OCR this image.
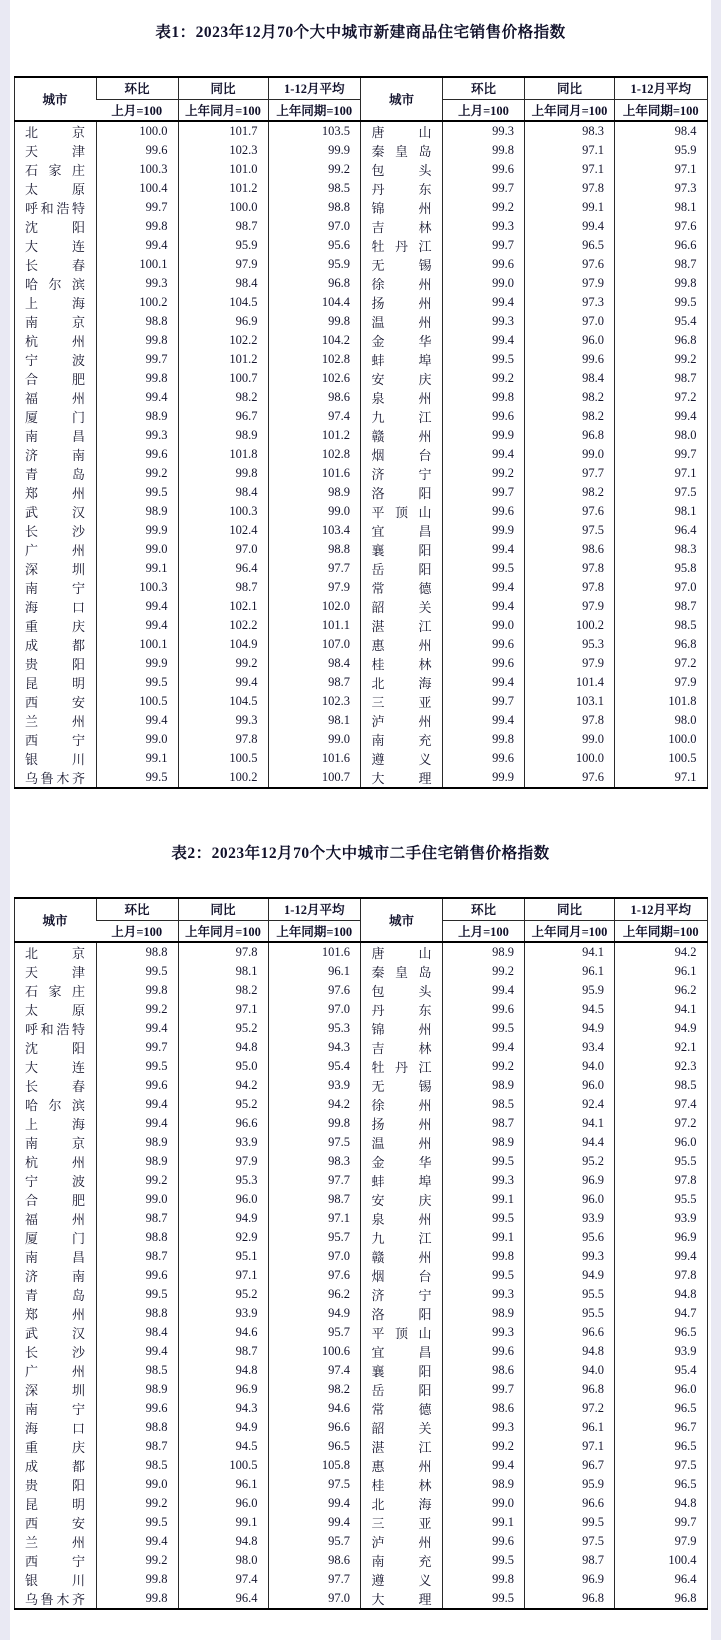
表1：2023年12月70个大中城市新建商品住宅销售价格指数
城市	环比	同比	1-12月平均	城市	环比	同比	1-12月平均
	上月=100	上年同月=100	上年同期=100		上月=100	上年同月=100	上年同期=100
北京	100.0	101.7	103.5	唐山	99.3	98.3	98.4
天津	99.6	102.3	99.9	秦皇岛	99.8	97.1	95.9
石家庄	100.3	101.0	99.2	包头	99.6	97.1	97.1
太原	100.4	101.2	98.5	丹东	99.7	97.8	97.3
呼和浩特	99.7	100.0	98.8	锦州	99.2	99.1	98.1
沈阳	99.8	98.7	97.0	吉林	99.3	99.4	97.6
大连	99.4	95.9	95.6	牡丹江	99.7	96.5	96.6
长春	100.1	97.9	95.9	无锡	99.6	97.6	98.7
哈尔滨	99.3	98.4	96.8	徐州	99.0	97.9	99.8
上海	100.2	104.5	104.4	扬州	99.4	97.3	99.5
南京	98.8	96.9	99.8	温州	99.3	97.0	95.4
杭州	99.8	102.2	104.2	金华	99.4	96.0	96.8
宁波	99.7	101.2	102.8	蚌埠	99.5	99.6	99.2
合肥	99.8	100.7	102.6	安庆	99.2	98.4	98.7
福州	99.4	98.2	98.6	泉州	99.8	98.2	97.2
厦门	98.9	96.7	97.4	九江	99.6	98.2	99.4
南昌	99.3	98.9	101.2	赣州	99.9	96.8	98.0
济南	99.6	101.8	102.8	烟台	99.4	99.0	99.7
青岛	99.2	99.8	101.6	济宁	99.2	97.7	97.1
郑州	99.5	98.4	98.9	洛阳	99.7	98.2	97.5
武汉	98.9	100.3	99.0	平顶山	99.6	97.6	98.1
长沙	99.9	102.4	103.4	宜昌	99.9	97.5	96.4
广州	99.0	97.0	98.8	襄阳	99.4	98.6	98.3
深圳	99.1	96.4	97.7	岳阳	99.5	97.8	95.8
南宁	100.3	98.7	97.9	常德	99.4	97.8	97.0
海口	99.4	102.1	102.0	韶关	99.4	97.9	98.7
重庆	99.4	102.2	101.1	湛江	99.0	100.2	98.5
成都	100.1	104.9	107.0	惠州	99.6	95.3	96.8
贵阳	99.9	99.2	98.4	桂林	99.6	97.9	97.2
昆明	99.5	99.4	98.7	北海	99.4	101.4	97.9
西安	100.5	104.5	102.3	三亚	99.7	103.1	101.8
兰州	99.4	99.3	98.1	泸州	99.4	97.8	98.0
西宁	99.0	97.8	99.0	南充	99.8	99.0	100.0
银川	99.1	100.5	101.6	遵义	99.6	100.0	100.5
乌鲁木齐	99.5	100.2	100.7	大理	99.9	97.6	97.1
表2：2023年12月70个大中城市二手住宅销售价格指数
城市	环比	同比	1-12月平均	城市	环比	同比	1-12月平均
	上月=100	上年同月=100	上年同期=100		上月=100	上年同月=100	上年同期=100
北京	98.8	97.8	101.6	唐山	98.9	94.1	94.2
天津	99.5	98.1	96.1	秦皇岛	99.2	96.1	96.1
石家庄	99.8	98.2	97.6	包头	99.4	95.9	96.2
太原	99.2	97.1	97.0	丹东	99.6	94.5	94.1
呼和浩特	99.4	95.2	95.3	锦州	99.5	94.9	94.9
沈阳	99.7	94.8	94.3	吉林	99.4	93.4	92.1
大连	99.5	95.0	95.4	牡丹江	99.2	94.0	92.3
长春	99.6	94.2	93.9	无锡	98.9	96.0	98.5
哈尔滨	99.4	95.2	94.2	徐州	98.5	92.4	97.4
上海	99.4	96.6	99.8	扬州	98.7	94.1	97.2
南京	98.9	93.9	97.5	温州	98.9	94.4	96.0
杭州	98.9	97.9	98.3	金华	99.5	95.2	95.5
宁波	99.2	95.3	97.7	蚌埠	99.3	96.9	97.8
合肥	99.0	96.0	98.7	安庆	99.1	96.0	95.5
福州	98.7	94.9	97.1	泉州	99.5	93.9	93.9
厦门	98.8	92.9	95.7	九江	99.1	95.6	96.9
南昌	98.7	95.1	97.0	赣州	99.8	99.3	99.4
济南	99.6	97.1	97.6	烟台	99.5	94.9	97.8
青岛	99.5	95.2	96.2	济宁	99.3	95.5	94.8
郑州	98.8	93.9	94.9	洛阳	98.9	95.5	94.7
武汉	98.4	94.6	95.7	平顶山	99.3	96.6	96.5
长沙	99.4	98.7	100.6	宜昌	99.6	94.8	93.9
广州	98.5	94.8	97.4	襄阳	98.6	94.0	95.4
深圳	98.9	96.9	98.2	岳阳	99.7	96.8	96.0
南宁	99.6	94.3	94.6	常德	98.6	97.2	96.5
海口	98.8	94.9	96.6	韶关	99.3	96.1	96.7
重庆	98.7	94.5	96.5	湛江	99.2	97.1	96.5
成都	98.5	100.5	105.8	惠州	99.4	96.7	97.5
贵阳	99.0	96.1	97.5	桂林	98.9	95.9	96.5
昆明	99.2	96.0	99.4	北海	99.0	96.6	94.8
西安	99.5	99.1	99.4	三亚	99.1	99.5	99.7
兰州	99.4	94.8	95.7	泸州	99.6	97.5	97.9
西宁	99.2	98.0	98.6	南充	99.5	98.7	100.4
银川	99.8	97.4	97.7	遵义	99.8	96.9	96.4
乌鲁木齐	99.8	96.4	97.0	大理	99.5	96.8	96.8
